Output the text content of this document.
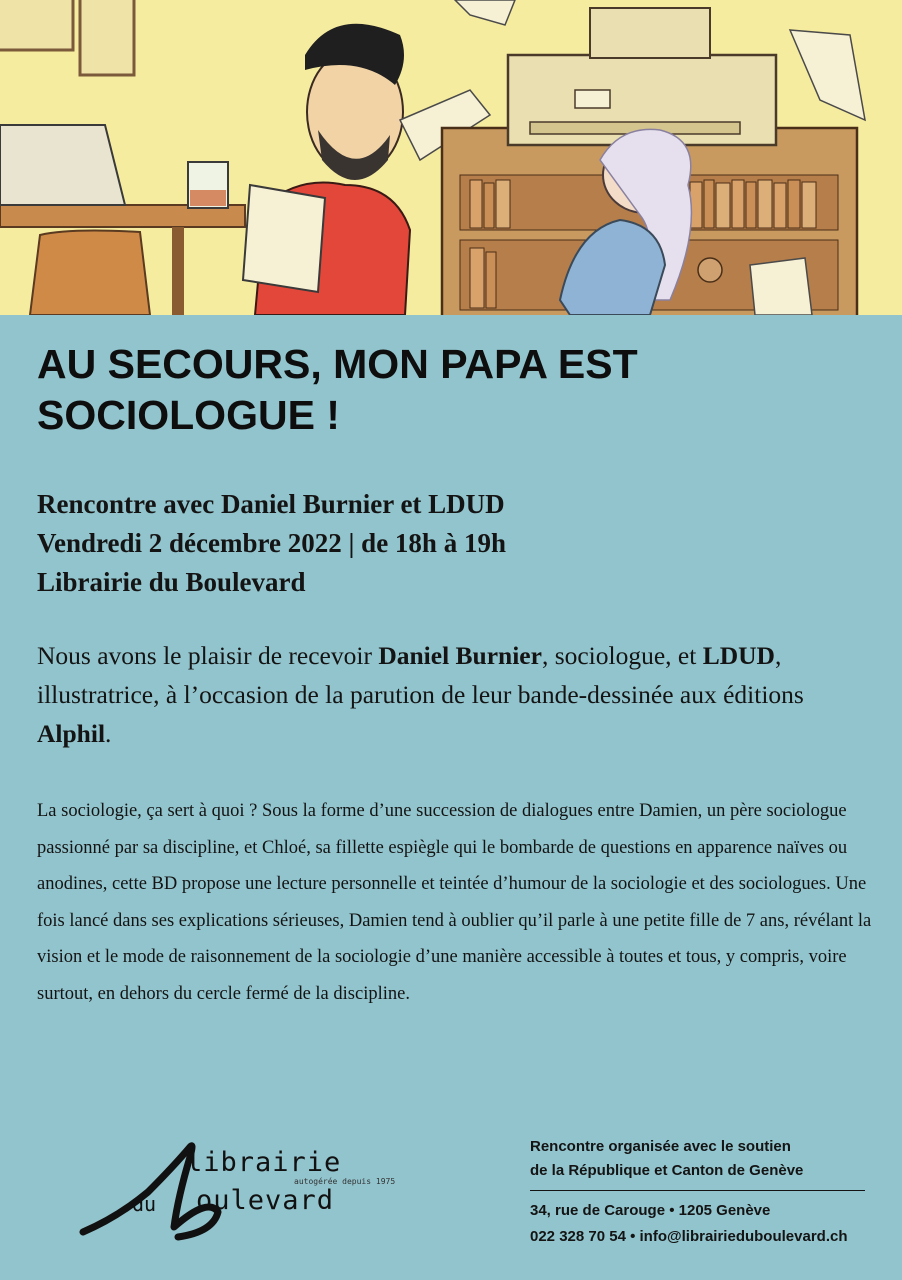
AU SECOURS, MON PAPA EST SOCIOLOGUE !
Rencontre avec Daniel Burnier et LDUD
Vendredi 2 décembre 2022 | de 18h à 19h
Librairie du Boulevard

Nous avons le plaisir de recevoir Daniel Burnier, sociologue, et LDUD, illustratrice, à l’occasion de la parution de leur bande-dessinée aux éditions Alphil.

La sociologie, ça sert à quoi ? Sous la forme d’une succession de dialogues entre Damien, un père sociologue passionné par sa discipline, et Chloé, sa fillette espiègle qui le bombarde de questions en apparence naïves ou anodines, cette BD propose une lecture personnelle et teintée d’humour de la sociologie et des sociologues. Une fois lancé dans ses explications sérieuses, Damien tend à oublier qu’il parle à une petite fille de 7 ans, révélant la vision et le mode de raisonnement de la sociologie d’une manière accessible à toutes et tous, y compris, voire surtout, en dehors du cercle fermé de la discipline.

librairie
autogérée depuis 1975
du oulevard
Rencontre organisée avec le soutien
de la République et Canton de Genève
34, rue de Carouge • 1205 Genève
022 328 70 54 • info@librairieduboulevard.ch
